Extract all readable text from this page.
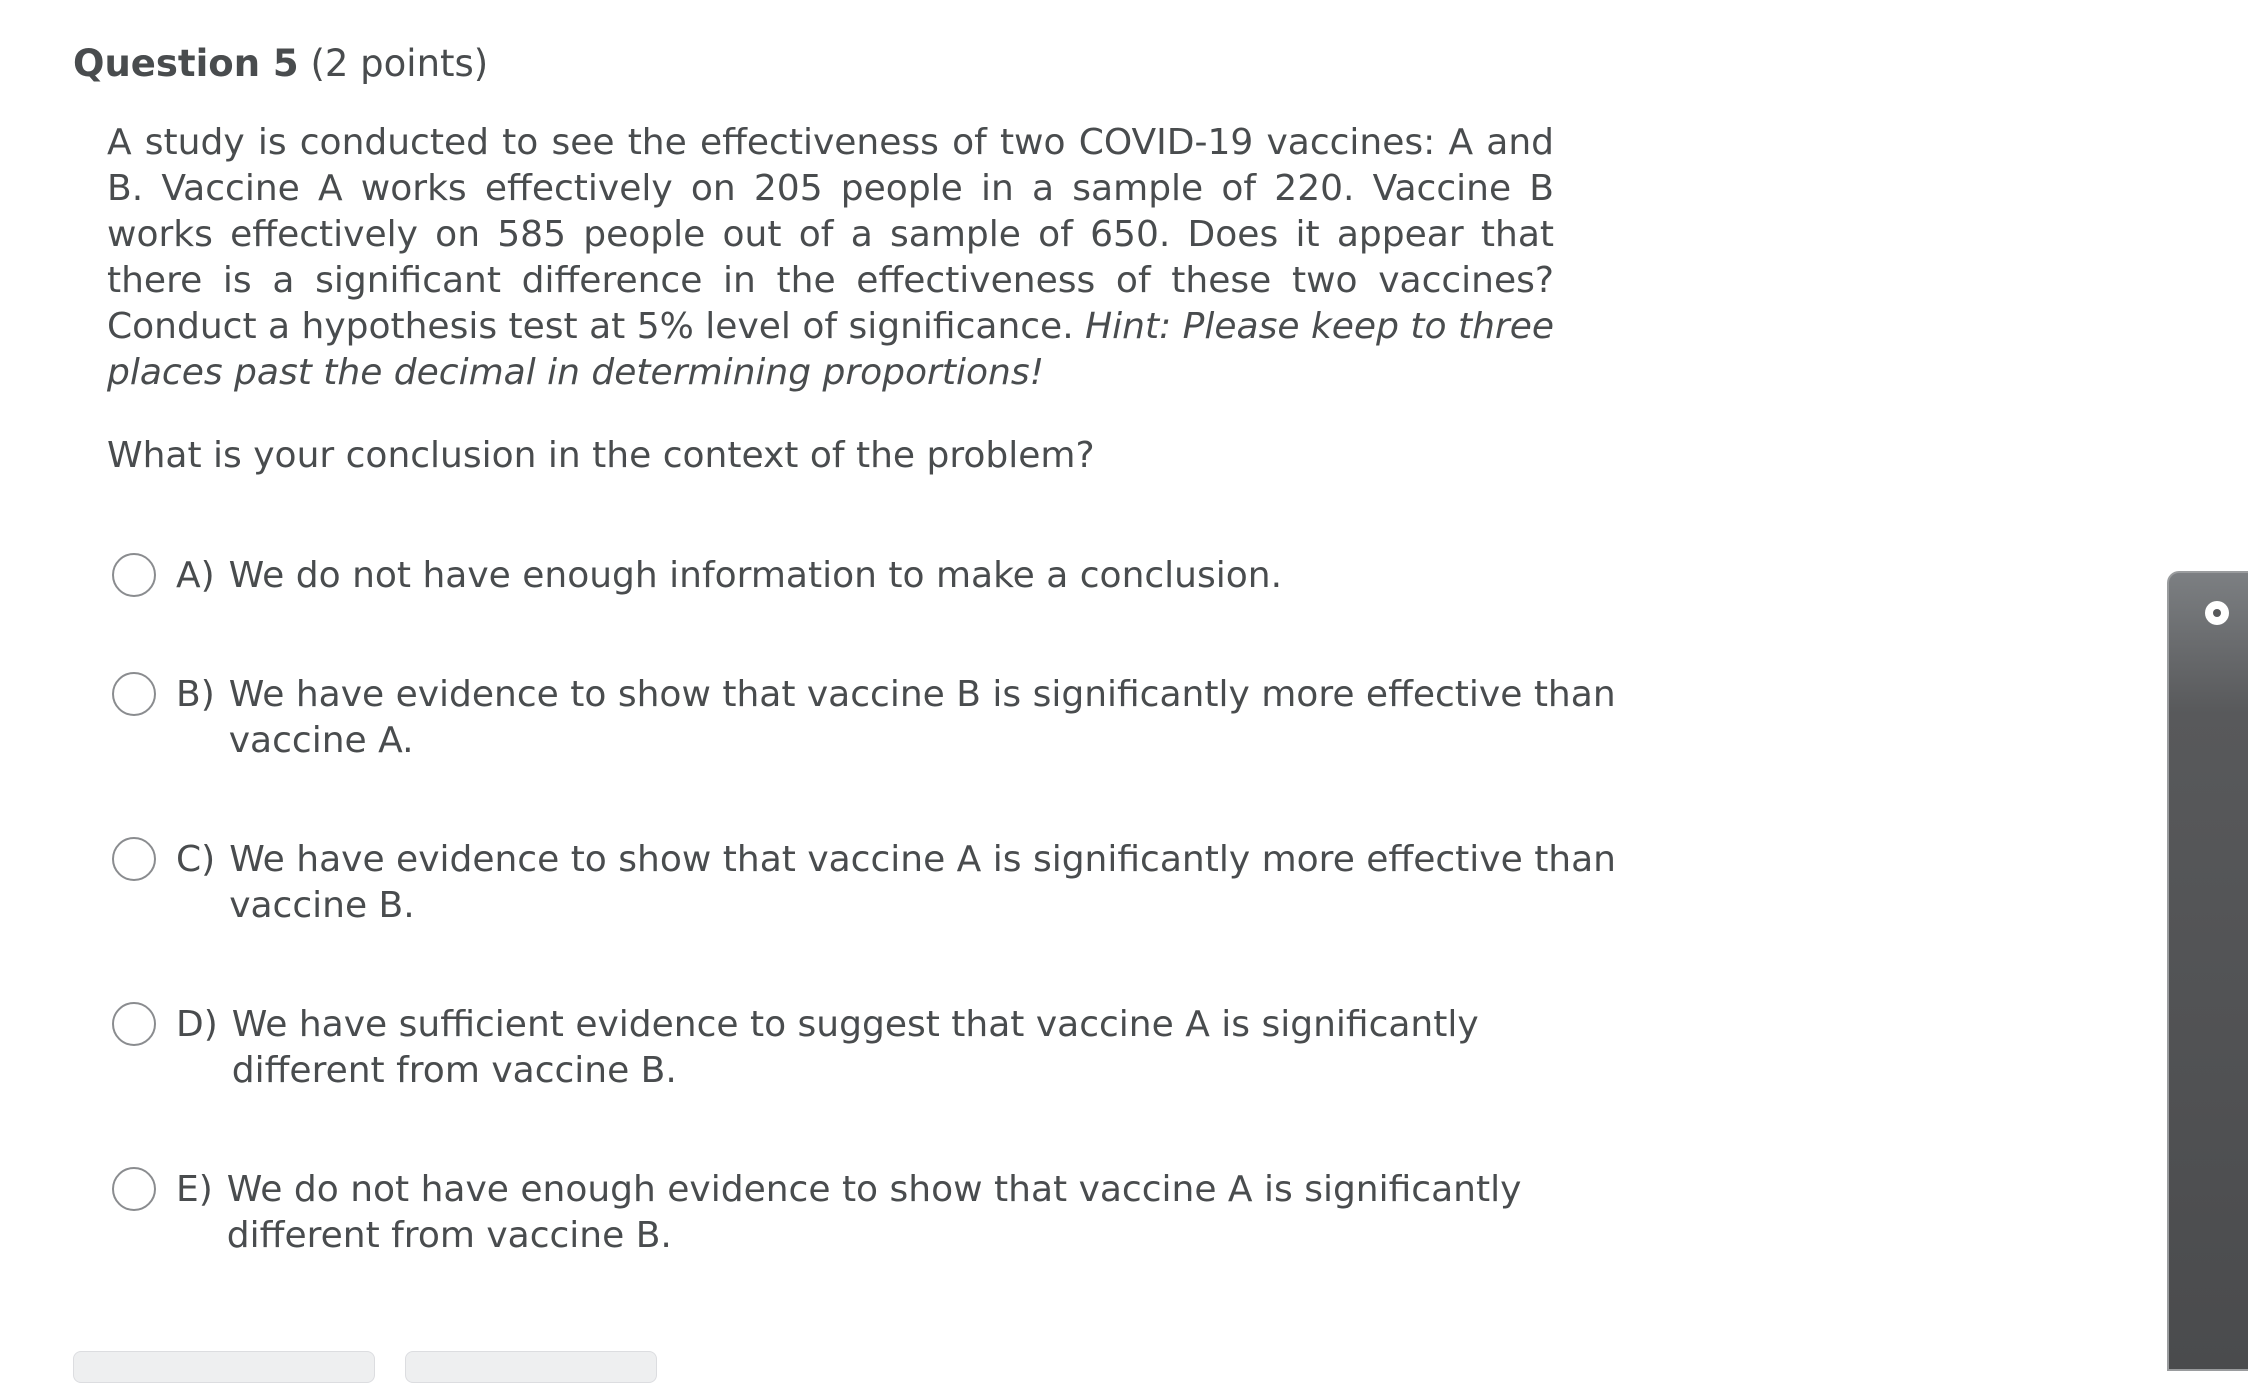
Question 5 (2 points)
A study is conducted to see the effectiveness of two COVID-19 vaccines: A and B. Vaccine A works effectively on 205 people in a sample of 220. Vaccine B works effectively on 585 people out of a sample of 650. Does it appear that there is a significant difference in the effectiveness of these two vaccines? Conduct a hypothesis test at 5% level of significance. Hint: Please keep to three places past the decimal in determining proportions!
What is your conclusion in the context of the problem?
A) We do not have enough information to make a conclusion.
B) We have evidence to show that vaccine B is significantly more effective than vaccine A.
C) We have evidence to show that vaccine A is significantly more effective than vaccine B.
D) We have sufficient evidence to suggest that vaccine A is significantly different from vaccine B.
E) We do not have enough evidence to show that vaccine A is significantly different from vaccine B.
